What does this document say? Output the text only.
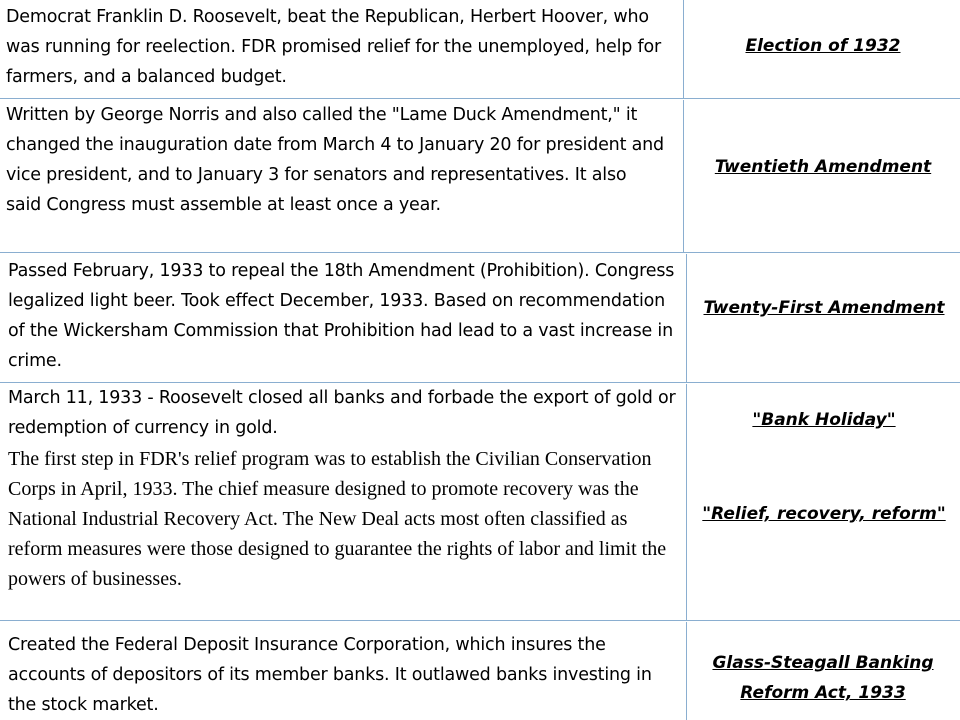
Democrat Franklin D. Roosevelt, beat the Republican, Herbert Hoover, who was running for reelection. FDR promised relief for the unemployed, help for farmers, and a balanced budget.

Election of 1932

Written by George Norris and also called the "Lame Duck Amendment," it changed the inauguration date from March 4 to January 20 for president and vice president, and to January 3 for senators and representatives. It also said Congress must assemble at least once a year.

Twentieth Amendment

Passed February, 1933 to repeal the 18th Amendment (Prohibition). Congress legalized light beer. Took effect December, 1933. Based on recommendation of the Wickersham Commission that Prohibition had lead to a vast increase in crime.

Twenty-First Amendment

March 11, 1933 - Roosevelt closed all banks and forbade the export of gold or redemption of currency in gold.	"Bank Holiday"

The first step in FDR's relief program was to establish the Civilian Conservation Corps in April, 1933. The chief measure designed to promote recovery was the National Industrial Recovery Act. The New Deal acts most often classified as reform measures were those designed to guarantee the rights of labor and limit the powers of businesses.

"Relief, recovery, reform"

Created the Federal Deposit Insurance Corporation, which insures the accounts of depositors of its member banks. It outlawed banks investing in the stock market.

Glass-Steagall Banking Reform Act, 1933
